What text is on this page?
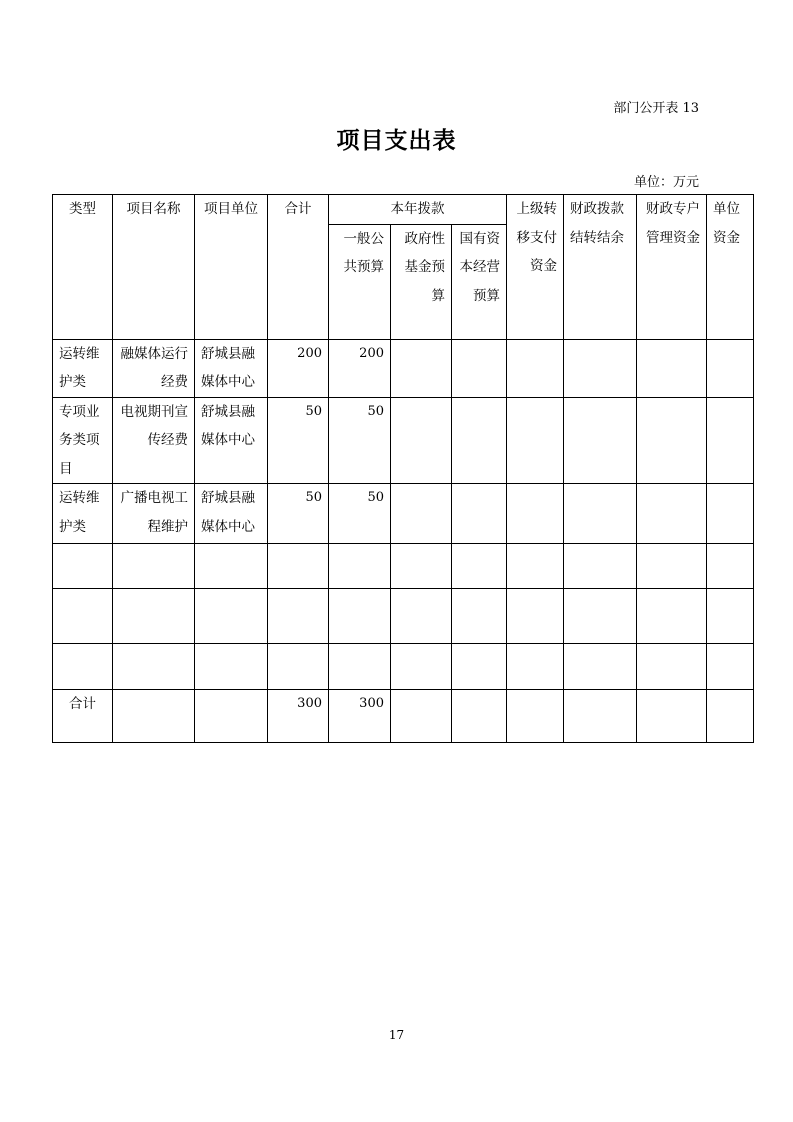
部门公开表 13
项目支出表
单位：万元
类型	项目名称	项目单位	合计	本年拨款			上级转移支付资金	财政拨款结转结余	财政专户管理资金	单位资金
				一般公共预算	政府性基金预算	国有资本经营预算				
运转维护类	融媒体运行经费	舒城县融媒体中心	200	200						
专项业务类项目	电视期刊宣传经费	舒城县融媒体中心	50	50						
运转维护类	广播电视工程维护	舒城县融媒体中心	50	50						

合计			300	300						
17
